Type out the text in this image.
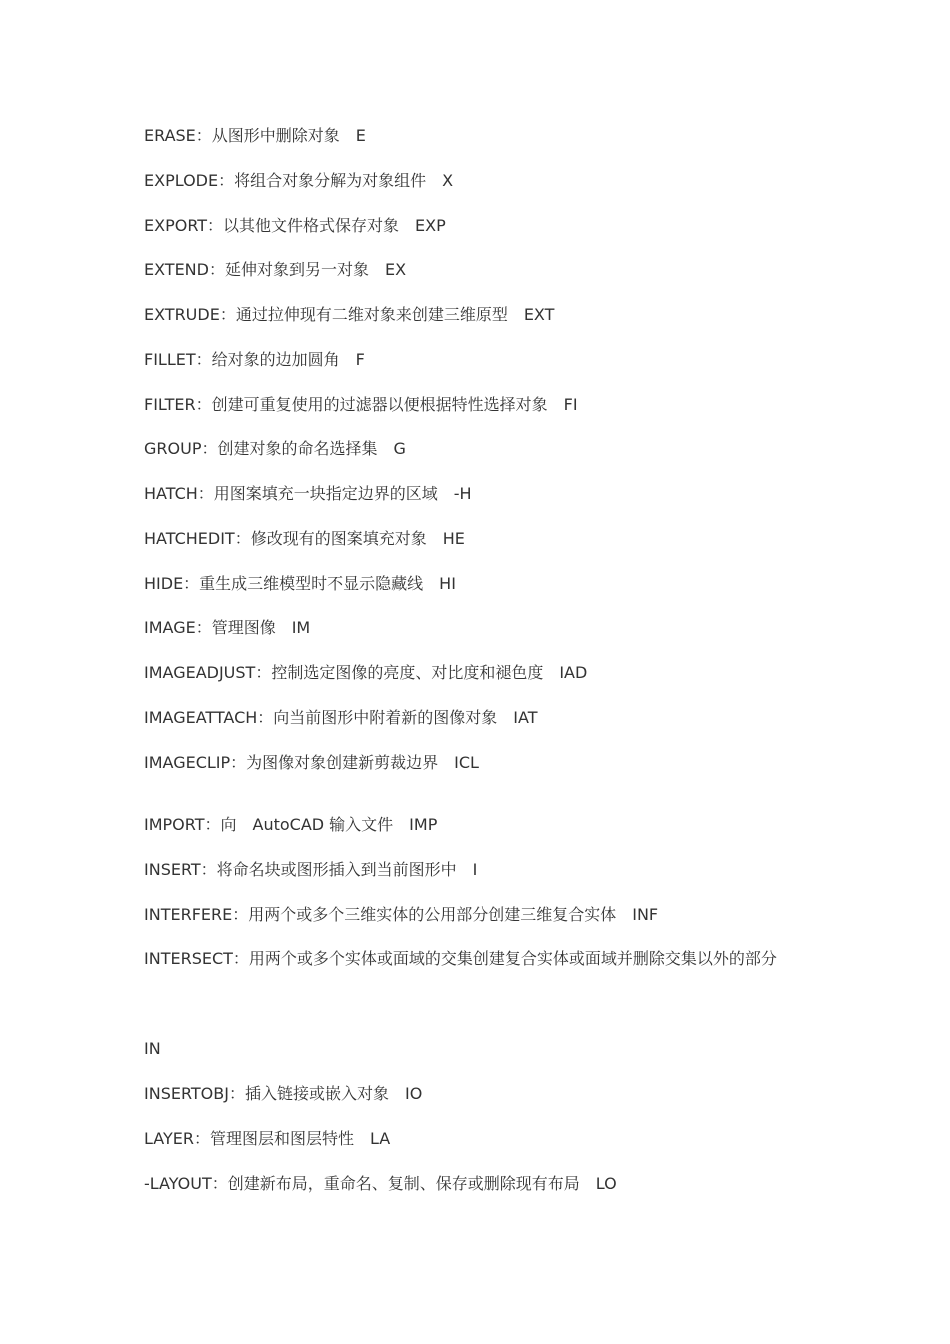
ERASE：从图形中删除对象　E
EXPLODE：将组合对象分解为对象组件　X
EXPORT：以其他文件格式保存对象　EXP
EXTEND：延伸对象到另一对象　EX
EXTRUDE：通过拉伸现有二维对象来创建三维原型　EXT
FILLET：给对象的边加圆角　F
FILTER：创建可重复使用的过滤器以便根据特性选择对象　FI
GROUP：创建对象的命名选择集　G
HATCH：用图案填充一块指定边界的区域　-H
HATCHEDIT：修改现有的图案填充对象　HE
HIDE：重生成三维模型时不显示隐藏线　HI
IMAGE：管理图像　IM
IMAGEADJUST：控制选定图像的亮度、对比度和褪色度　IAD
IMAGEATTACH：向当前图形中附着新的图像对象　IAT
IMAGECLIP：为图像对象创建新剪裁边界　ICL
IMPORT：向　AutoCAD 输入文件　IMP
INSERT：将命名块或图形插入到当前图形中　I
INTERFERE：用两个或多个三维实体的公用部分创建三维复合实体　INF
INTERSECT：用两个或多个实体或面域的交集创建复合实体或面域并删除交集以外的部分
IN
INSERTOBJ：插入链接或嵌入对象　IO
LAYER：管理图层和图层特性　LA
-LAYOUT：创建新布局，重命名、复制、保存或删除现有布局　LO
